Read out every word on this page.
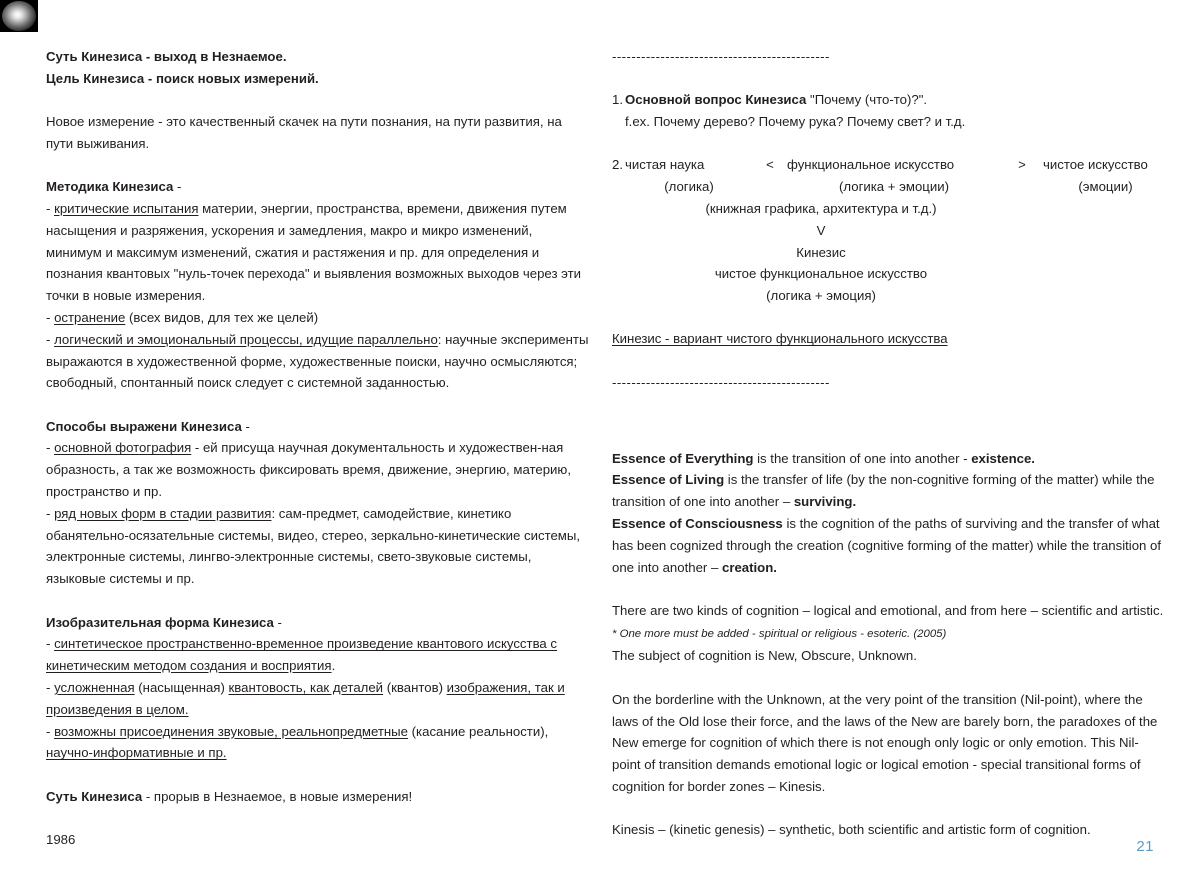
Суть Кинезиса - выход в Незнаемое.

Цель Кинезиса - поиск новых измерений.

Новое измерение - это качественный скачек на пути познания, на пути развития, на пути выживания.

Методика Кинезиса -

- критические испытания материи, энергии, пространства, времени, движения путем насыщения и разряжения, ускорения и замедления, макро и микро изменений, минимум и максимум изменений, сжатия и растяжения и пр. для определения и познания квантовых "нуль-точек перехода" и выявления возможных выходов через эти точки в новые измерения.

- остранение (всех видов, для тех же целей)

- логический и эмоциональный процессы, идущие параллельно: научные эксперименты выражаются в художественной форме, художественные поиски, научно осмысляются; свободный, спонтанный поиск следует с системной заданностью.

Способы выражени Кинезиса -

- основной фотография - ей присуща научная документальность и художествен-ная образность, а так же возможность фиксировать время, движение, энергию, материю, пространство и пр.

- ряд новых форм в стадии развития: сам-предмет, самодействие, кинетико обанятельно-осязательные системы, видео, стерео, зеркально-кинетические системы, электронные системы, лингво-электронные системы, свето-звуковые системы, языковые системы и пр.

Изобразительная форма Кинезиса -

- синтетическое пространственно-временное произведение квантового искусства с кинетическим методом создания и восприятия.

- усложненная (насыщенная) квантовость, как деталей (квантов) изображения, так и произведения в целом.

- возможны присоединения звуковые, реальнопредметные (касание реальности), научно-информативные и пр.

Суть Кинезиса - прорыв в Незнаемое, в новые измерения!

1986

---------------------------------------------

1. Основной вопрос Кинезиса "Почему (что-то)?".
f.ex. Почему дерево? Почему рука? Почему свет? и т.д.
2. чистая наука	< функциональное искусство	>	чистое искусство
(логика)	(логика + эмоции)	(эмоции)

(книжная графика, архитектура и т.д.)

V

Кинезис

чистое функциональное искусство

(логика + эмоция)

Кинезис - вариант чистого функционального искусства

---------------------------------------------

Essence of Everything is the transition of one into another - existence.

Essence of Living is the transfer of life (by the non-cognitive forming of the matter) while the transition of one into another – surviving.

Essence of Consciousness is the cognition of the paths of surviving and the transfer of what has been cognized through the creation (cognitive forming of the matter) while the transition of one into another – creation.

There are two kinds of cognition – logical and emotional, and from here – scientific and artistic. * One more must be added - spiritual or religious - esoteric. (2005)
The subject of cognition is New, Obscure, Unknown.

On the borderline with the Unknown, at the very point of the transition (Nil-point), where the laws of the Old lose their force, and the laws of the New are barely born, the paradoxes of the New emerge for cognition of which there is not enough only logic or only emotion. This Nil-point of transition demands emotional logic or logical emotion - special transitional forms of cognition for border zones – Kinesis.

Kinesis – (kinetic genesis) – synthetic, both scientific and artistic form of cognition.

21
